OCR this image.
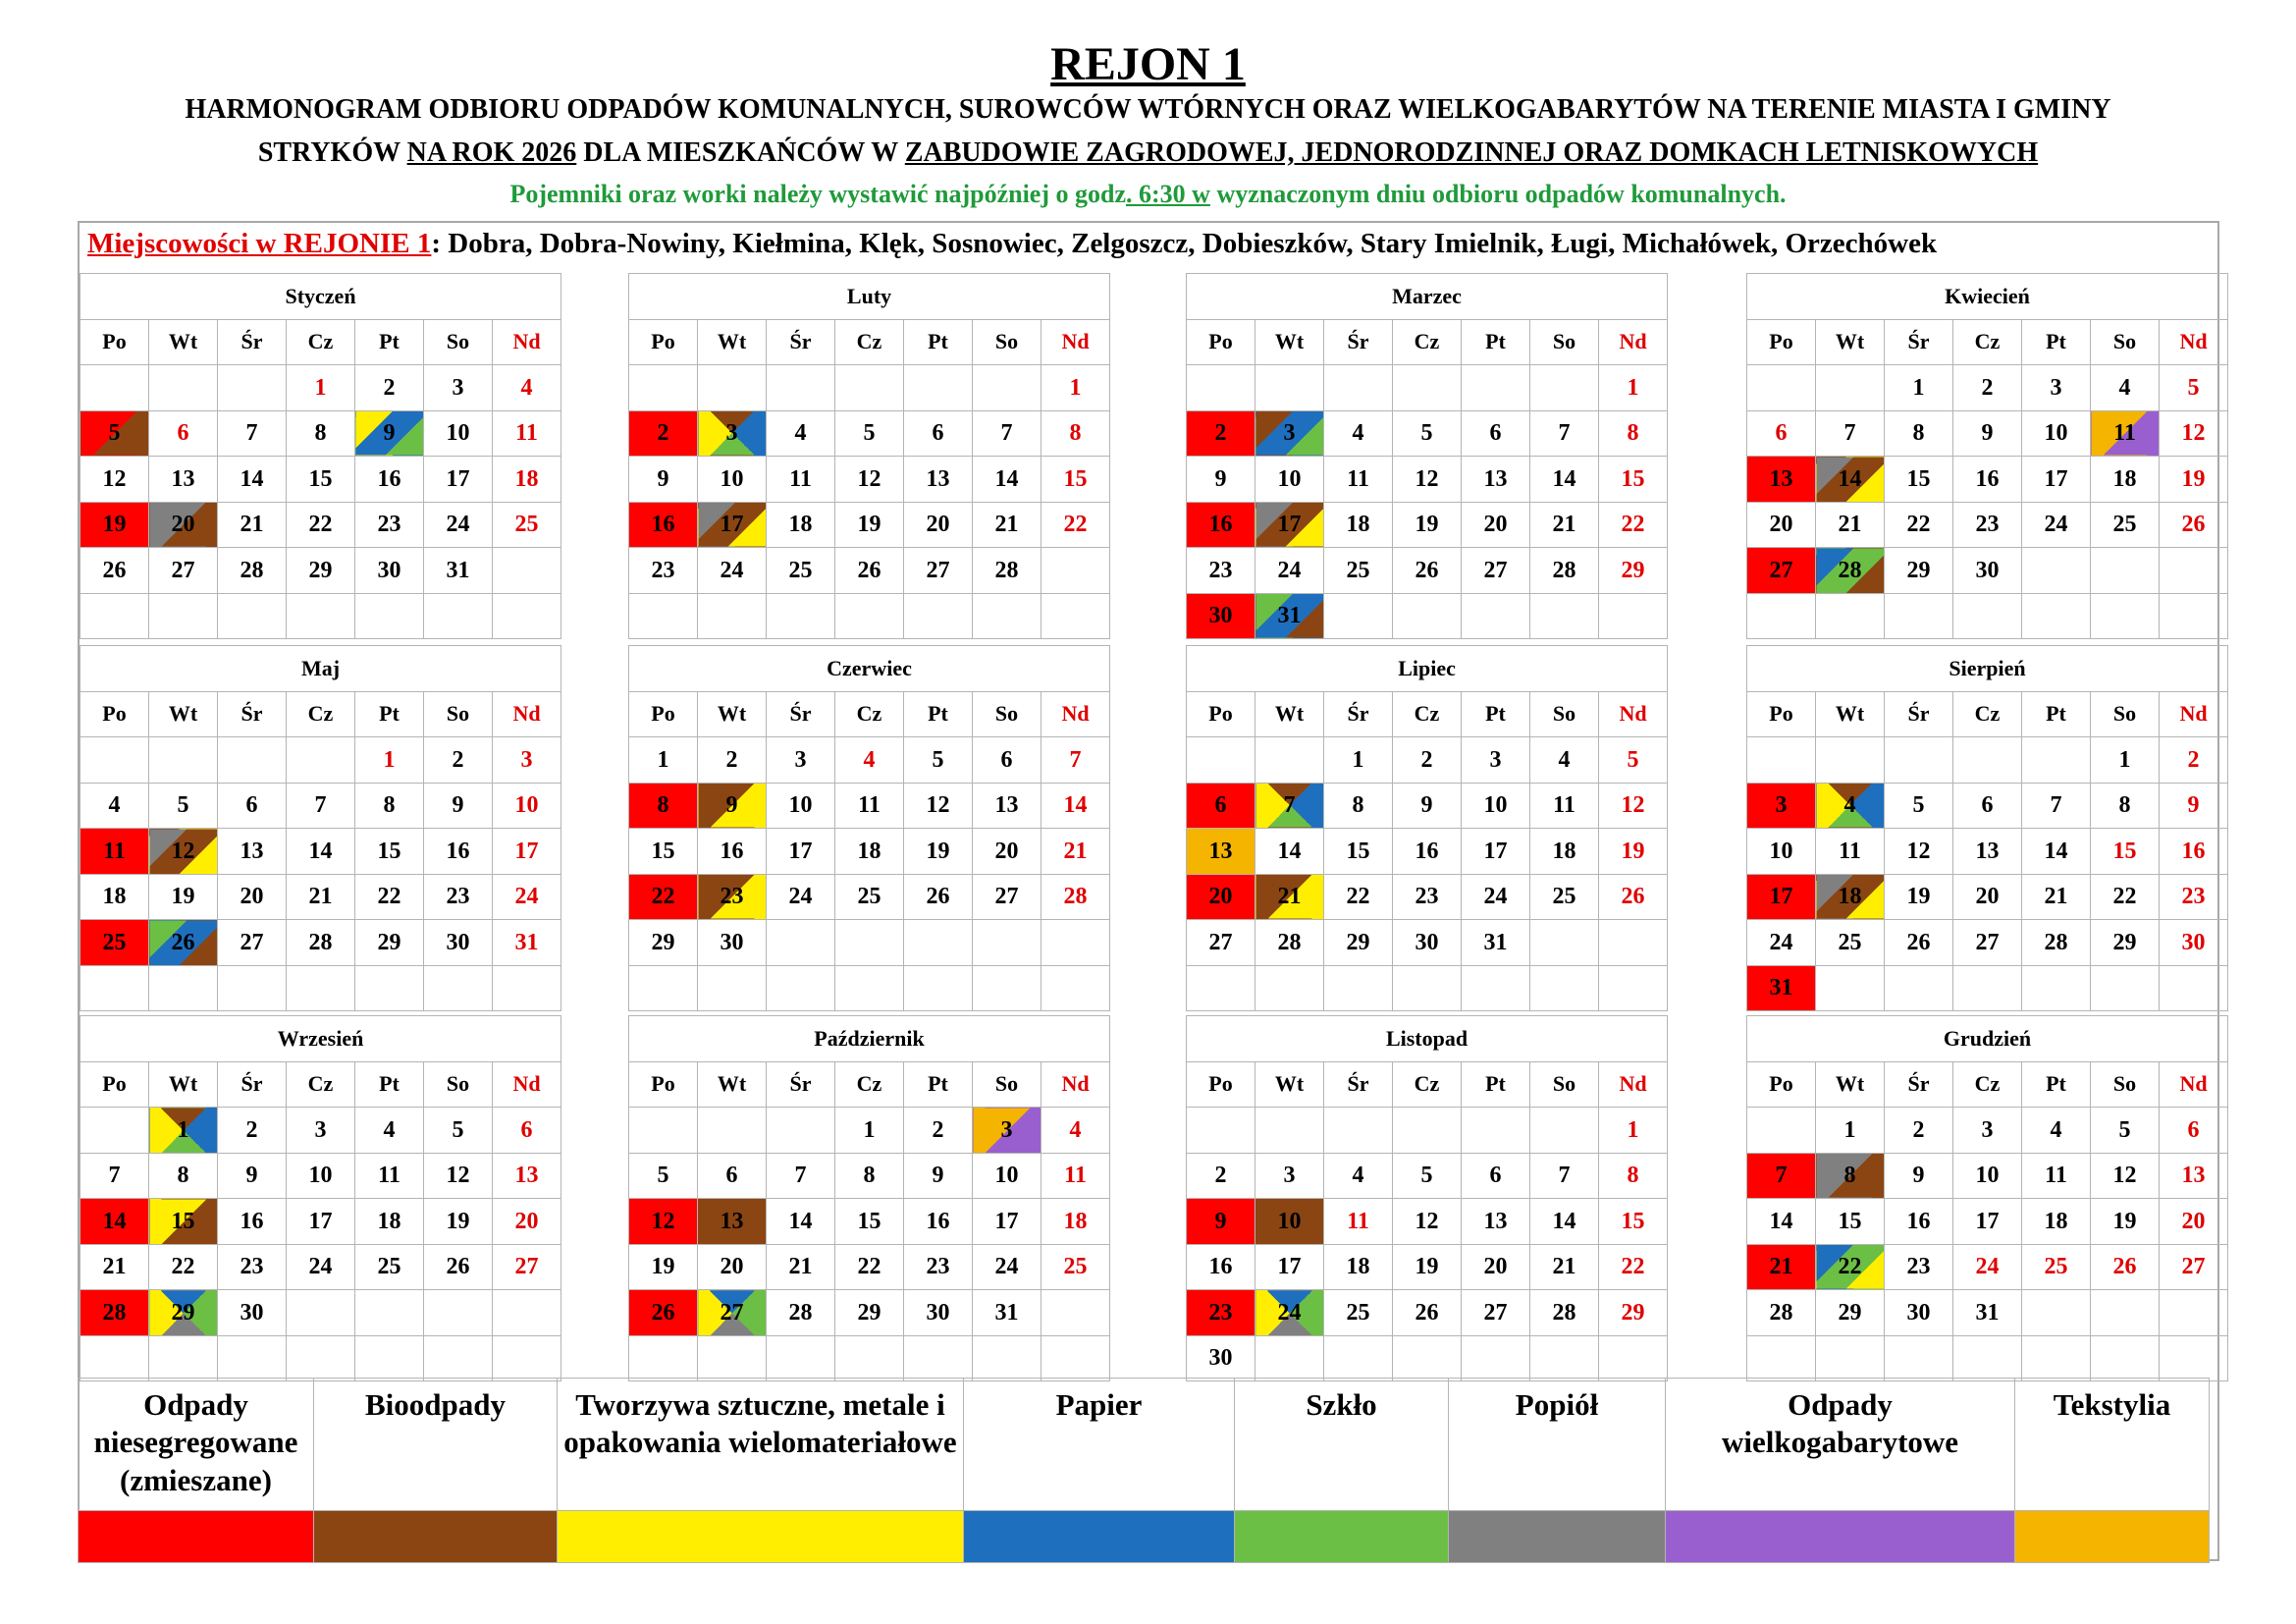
REJON 1
HARMONOGRAM ODBIORU ODPADÓW KOMUNALNYCH, SUROWCÓW WTÓRNYCH ORAZ WIELKOGABARYTÓW NA TERENIE MIASTA I GMINY
STRYKÓW NA ROK 2026 DLA MIESZKAŃCÓW W ZABUDOWIE ZAGRODOWEJ, JEDNORODZINNEJ ORAZ DOMKACH LETNISKOWYCH
Pojemniki oraz worki należy wystawić najpóźniej o godz. 6:30 w wyznaczonym dniu odbioru odpadów komunalnych.
Miejscowości w REJONIE 1: Dobra, Dobra-Nowiny, Kiełmina, Klęk, Sosnowiec, Zelgoszcz, Dobieszków, Stary Imielnik, Ługi, Michałówek, Orzechówek
Styczeń						
Po	Wt	Śr	Cz	Pt	So	Nd
			1	2	3	4
5	6	7	8	9	10	11
12	13	14	15	16	17	18
19	20	21	22	23	24	25
26	27	28	29	30	31	

Luty						
Po	Wt	Śr	Cz	Pt	So	Nd
						1
2	3	4	5	6	7	8
9	10	11	12	13	14	15
16	17	18	19	20	21	22
23	24	25	26	27	28	

Marzec						
Po	Wt	Śr	Cz	Pt	So	Nd
						1
2	3	4	5	6	7	8
9	10	11	12	13	14	15
16	17	18	19	20	21	22
23	24	25	26	27	28	29
30	31					
Kwiecień						
Po	Wt	Śr	Cz	Pt	So	Nd
		1	2	3	4	5
6	7	8	9	10	11	12
13	14	15	16	17	18	19
20	21	22	23	24	25	26
27	28	29	30			

Maj						
Po	Wt	Śr	Cz	Pt	So	Nd
				1	2	3
4	5	6	7	8	9	10
11	12	13	14	15	16	17
18	19	20	21	22	23	24
25	26	27	28	29	30	31

Czerwiec						
Po	Wt	Śr	Cz	Pt	So	Nd
1	2	3	4	5	6	7
8	9	10	11	12	13	14
15	16	17	18	19	20	21
22	23	24	25	26	27	28
29	30					

Lipiec						
Po	Wt	Śr	Cz	Pt	So	Nd
		1	2	3	4	5
6	7	8	9	10	11	12
13	14	15	16	17	18	19
20	21	22	23	24	25	26
27	28	29	30	31		

Sierpień						
Po	Wt	Śr	Cz	Pt	So	Nd
					1	2
3	4	5	6	7	8	9
10	11	12	13	14	15	16
17	18	19	20	21	22	23
24	25	26	27	28	29	30
31						
Wrzesień						
Po	Wt	Śr	Cz	Pt	So	Nd
	1	2	3	4	5	6
7	8	9	10	11	12	13
14	15	16	17	18	19	20
21	22	23	24	25	26	27
28	29	30				

Październik						
Po	Wt	Śr	Cz	Pt	So	Nd
			1	2	3	4
5	6	7	8	9	10	11
12	13	14	15	16	17	18
19	20	21	22	23	24	25
26	27	28	29	30	31	

Listopad						
Po	Wt	Śr	Cz	Pt	So	Nd
						1
2	3	4	5	6	7	8
9	10	11	12	13	14	15
16	17	18	19	20	21	22
23	24	25	26	27	28	29
30						
Grudzień						
Po	Wt	Śr	Cz	Pt	So	Nd
	1	2	3	4	5	6
7	8	9	10	11	12	13
14	15	16	17	18	19	20
21	22	23	24	25	26	27
28	29	30	31			

Odpady niesegregowane (zmieszane)	Bioodpady	Tworzywa sztuczne, metale i opakowania wielomateriałowe	Papier	Szkło	Popiół	Odpady wielkogabarytowe	Tekstylia
